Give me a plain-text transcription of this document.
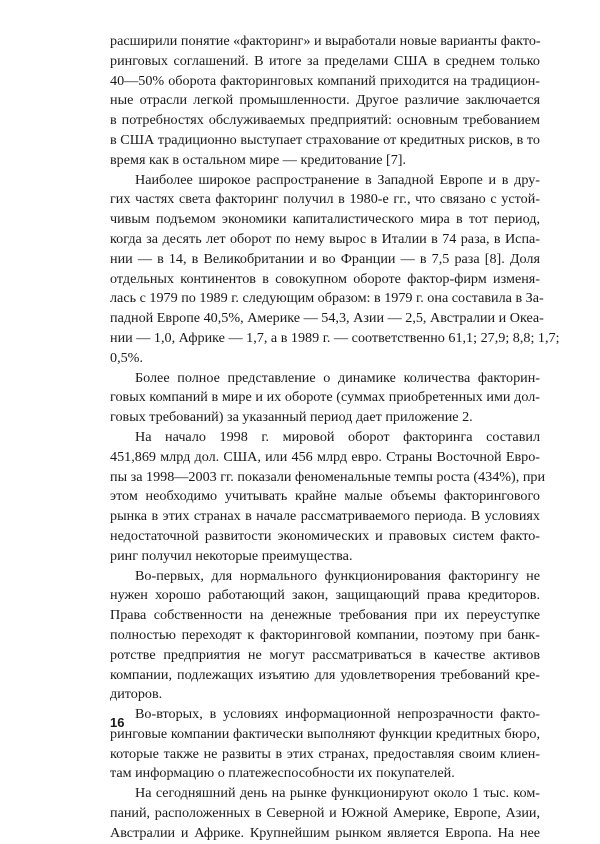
расширили понятие «факторинг» и выработали новые варианты факто-
ринговых соглашений. В итоге за пределами США в среднем только
40—50% оборота факторинговых компаний приходится на традицион-
ные отрасли легкой промышленности. Другое различие заключается
в потребностях обслуживаемых предприятий: основным требованием
в США традиционно выступает страхование от кредитных рисков, в то
время как в остальном мире — кредитование [7].
Наиболее широкое распространение в Западной Европе и в дру-
гих частях света факторинг получил в 1980-е гг., что связано с устой-
чивым подъемом экономики капиталистического мира в тот период,
когда за десять лет оборот по нему вырос в Италии в 74 раза, в Испа-
нии — в 14, в Великобритании и во Франции — в 7,5 раза [8]. Доля
отдельных континентов в совокупном обороте фактор-фирм изменя-
лась с 1979 по 1989 г. следующим образом: в 1979 г. она составила в За-
падной Европе 40,5%, Америке — 54,3, Азии — 2,5, Австралии и Океа-
нии — 1,0, Африке — 1,7, а в 1989 г. — соответственно 61,1; 27,9; 8,8; 1,7;
0,5%.
Более полное представление о динамике количества факторин-
говых компаний в мире и их обороте (суммах приобретенных ими дол-
говых требований) за указанный период дает приложение 2.
На начало 1998 г. мировой оборот факторинга составил
451,869 млрд дол. США, или 456 млрд евро. Страны Восточной Евро-
пы за 1998—2003 гг. показали феноменальные темпы роста (434%), при
этом необходимо учитывать крайне малые объемы факторингового
рынка в этих странах в начале рассматриваемого периода. В условиях
недостаточной развитости экономических и правовых систем факто-
ринг получил некоторые преимущества.
Во-первых, для нормального функционирования факторингу не
нужен хорошо работающий закон, защищающий права кредиторов.
Права собственности на денежные требования при их переуступке
полностью переходят к факторинговой компании, поэтому при банк-
ротстве предприятия не могут рассматриваться в качестве активов
компании, подлежащих изъятию для удовлетворения требований кре-
диторов.
Во-вторых, в условиях информационной непрозрачности факто-
ринговые компании фактически выполняют функции кредитных бюро,
которые также не развиты в этих странах, предоставляя своим клиен-
там информацию о платежеспособности их покупателей.
На сегодняшний день на рынке функционируют около 1 тыс. ком-
паний, расположенных в Северной и Южной Америке, Европе, Азии,
Австралии и Африке. Крупнейшим рынком является Европа. На нее
16
